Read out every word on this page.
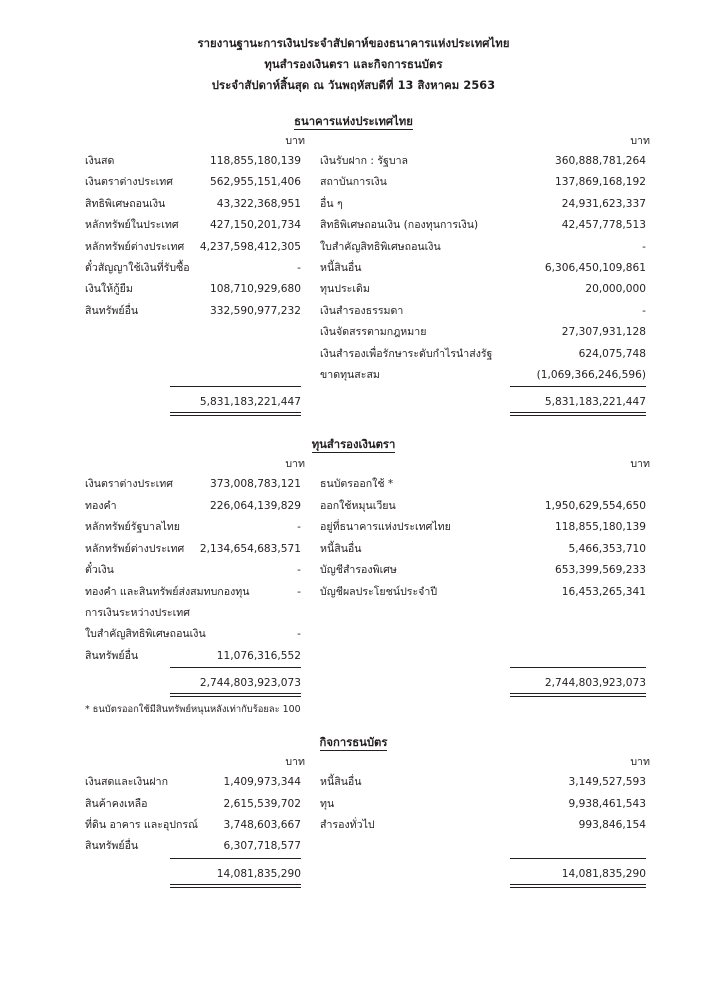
รายงานฐานะการเงินประจำสัปดาห์ของธนาคารแห่งประเทศไทย
ทุนสำรองเงินตรา และกิจการธนบัตร
ประจำสัปดาห์สิ้นสุด ณ วันพฤหัสบดีที่ 13 สิงหาคม 2563
ธนาคารแห่งประเทศไทย
	บาท			บาท	
เงินสด	118,855,180,139		เงินรับฝาก : รัฐบาล	360,888,781,264	
เงินตราต่างประเทศ	562,955,151,406		สถาบันการเงิน	137,869,168,192	
สิทธิพิเศษถอนเงิน	43,322,368,951		อื่น ๆ	24,931,623,337	
หลักทรัพย์ในประเทศ	427,150,201,734		สิทธิพิเศษถอนเงิน (กองทุนการเงิน)	42,457,778,513	
หลักทรัพย์ต่างประเทศ	4,237,598,412,305		ใบสำคัญสิทธิพิเศษถอนเงิน	-	
ตั๋วสัญญาใช้เงินที่รับซื้อ	-		หนี้สินอื่น	6,306,450,109,861	
เงินให้กู้ยืม	108,710,929,680		ทุนประเดิม	20,000,000	
สินทรัพย์อื่น	332,590,977,232		เงินสำรองธรรมดา	-	
			เงินจัดสรรตามกฎหมาย	27,307,931,128	
			เงินสำรองเพื่อรักษาระดับกำไรนำส่งรัฐ	624,075,748	
			ขาดทุนสะสม	(1,069,366,246,596)	

	5,831,183,221,447			5,831,183,221,447	

ทุนสำรองเงินตรา
	บาท			บาท	
เงินตราต่างประเทศ	373,008,783,121		ธนบัตรออกใช้ *		
ทองคำ	226,064,139,829		ออกใช้หมุนเวียน	1,950,629,554,650	
หลักทรัพย์รัฐบาลไทย	-		อยู่ที่ธนาคารแห่งประเทศไทย	118,855,180,139	
หลักทรัพย์ต่างประเทศ	2,134,654,683,571		หนี้สินอื่น	5,466,353,710	
ตั๋วเงิน	-		บัญชีสำรองพิเศษ	653,399,569,233	
ทองคำ และสินทรัพย์ส่งสมทบกองทุน	-		บัญชีผลประโยชน์ประจำปี	16,453,265,341	
การเงินระหว่างประเทศ					
ใบสำคัญสิทธิพิเศษถอนเงิน	-				
สินทรัพย์อื่น	11,076,316,552				

	2,744,803,923,073			2,744,803,923,073	

* ธนบัตรออกใช้มีสินทรัพย์หนุนหลังเท่ากับร้อยละ 100
กิจการธนบัตร
	บาท			บาท	
เงินสดและเงินฝาก	1,409,973,344		หนี้สินอื่น	3,149,527,593	
สินค้าคงเหลือ	2,615,539,702		ทุน	9,938,461,543	
ที่ดิน อาคาร และอุปกรณ์	3,748,603,667		สำรองทั่วไป	993,846,154	
สินทรัพย์อื่น	6,307,718,577				

	14,081,835,290			14,081,835,290	
